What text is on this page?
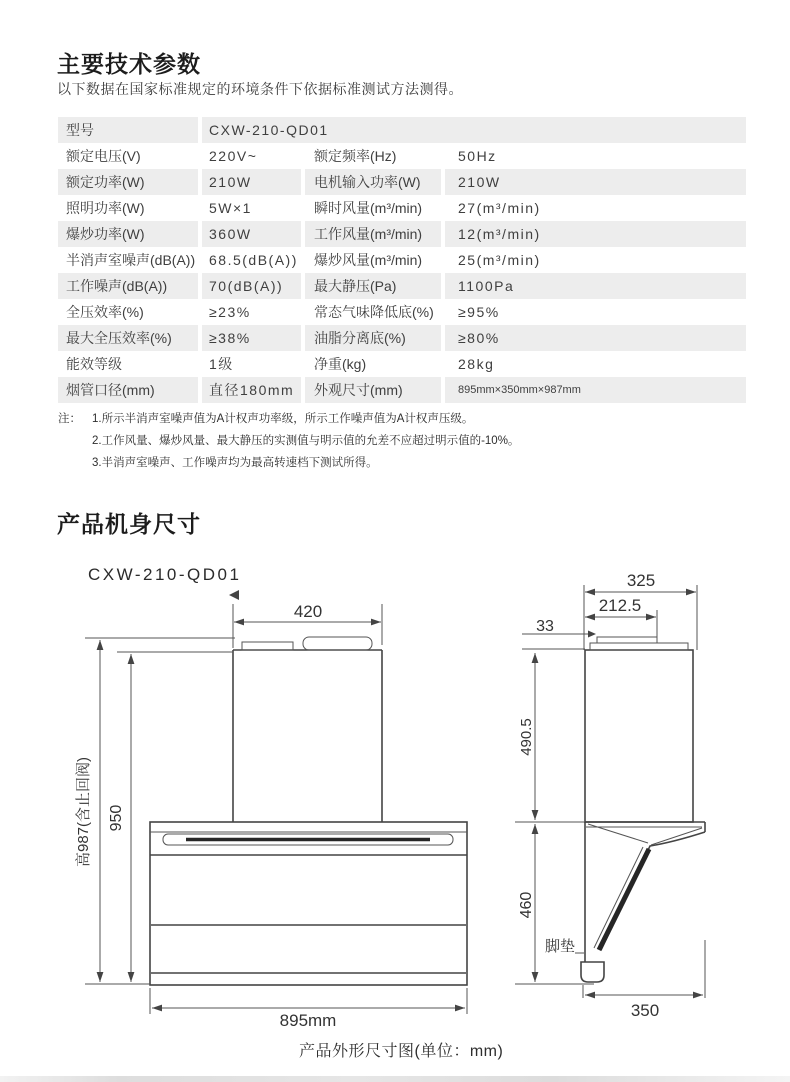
主要技术参数
以下数据在国家标准规定的环境条件下依据标准测试方法测得。
型号	CXW-210-QD01
额定电压(V)	220V~	额定频率(Hz)	50Hz
额定功率(W)	210W	电机输入功率(W)	210W
照明功率(W)	5W×1	瞬时风量(m³/min)	27(m³/min)
爆炒功率(W)	360W	工作风量(m³/min)	12(m³/min)
半消声室噪声(dB(A)) 68.5(dB(A))	爆炒风量(m³/min)	25(m³/min)
工作噪声(dB(A))	70(dB(A))	最大静压(Pa)	1100Pa
全压效率(%)	≥23%	常态气味降低底(%)	≥95%
最大全压效率(%)	≥38%	油脂分离底(%)	≥80%
能效等级	1级	净重(kg)	28kg
烟管口径(mm)	直径180mm	外观尺寸(mm)	895mm×350mm×987mm
注： 1.所示半消声室噪声值为A计权声功率级，所示工作噪声值为A计权声压级。
2.工作风量、爆炒风量、最大静压的实测值与明示值的允差不应超过明示值的-10%。
3.半消声室噪声、工作噪声均为最高转速档下测试所得。
产品机身尺寸
CXW-210-QD01
420
高987(含止回阀) 950
895mm
325
212.5
33
490.5
脚垫
460
350
产品外形尺寸图(单位：mm)
